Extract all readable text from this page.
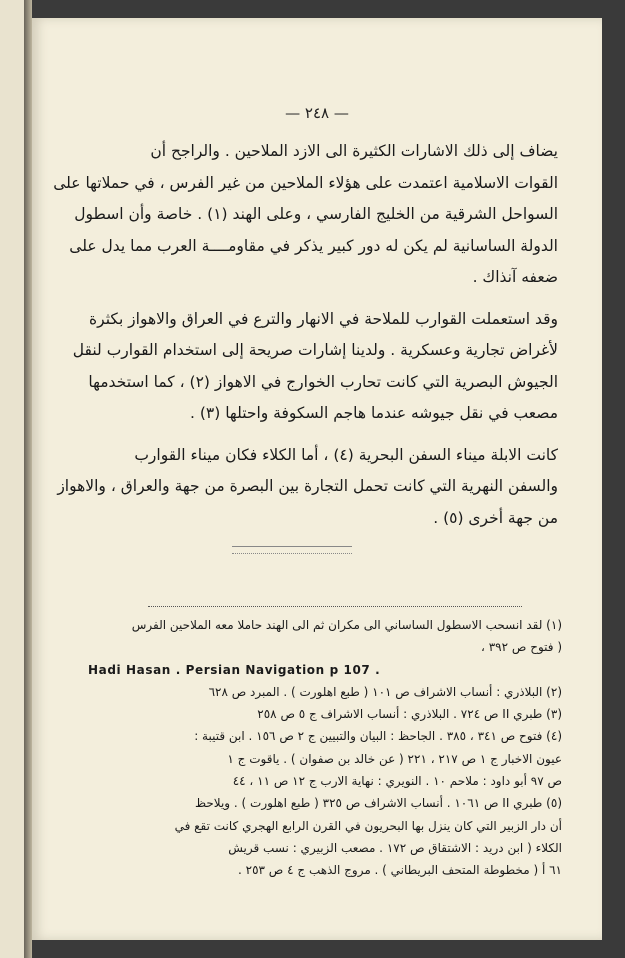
— ٢٤٨ —
يضاف إلى ذلك الاشارات الكثيرة الى الازد الملاحين . والراجح أن
القوات الاسلامية اعتمدت على هؤلاء الملاحين من غير الفرس ، في حملاتها على
السواحل الشرقية من الخليج الفارسي ، وعلى الهند (١) . خاصة وأن اسطول
الدولة الساسانية لم يكن له دور كبير يذكر في مقاومــــة العرب مما يدل على
ضعفه آنذاك .
وقد استعملت القوارب للملاحة في الانهار والترع في العراق والاهواز بكثرة
لأغراض تجارية وعسكرية . ولدينا إشارات صريحة إلى استخدام القوارب لنقل
الجيوش البصرية التي كانت تحارب الخوارج في الاهواز (٢) ، كما استخدمها
مصعب في نقل جيوشه عندما هاجم السكوفة واحتلها (٣) .
كانت الابلة ميناء السفن البحرية (٤) ، أما الكلاء فكان ميناء القوارب
والسفن النهرية التي كانت تحمل التجارة بين البصرة من جهة والعراق ، والاهواز
من جهة أخرى (٥) .
(١) لقد انسحب الاسطول الساساني الى مكران ثم الى الهند حاملا معه الملاحين الفرس
( فتوح ص ٣٩٢ ،
Hadi Hasan . Persian Navigation p 107 .
(٢) البلاذري : أنساب الاشراف ص ١٠١ ( طبع اهلورت ) . المبرد ص ٦٢٨
(٣) طبري II ص ٧٢٤ . البلاذري : أنساب الاشراف ج ٥ ص ٢٥٨
(٤) فتوح ص ٣٤١ ، ٣٨٥ . الجاحظ : البيان والتبيين ج ٢ ص ١٥٦ . ابن قتيبة :
عيون الاخبار ج ١ ص ٢١٧ ، ٢٢١ ( عن خالد بن صفوان ) . ياقوت ج ١
ص ٩٧ أبو داود : ملاحم ١٠ . النويري : نهاية الارب ج ١٢ ص ١١ ، ٤٤
(٥) طبري II ص ١٠٦١ . أنساب الاشراف ص ٣٢٥ ( طبع اهلورت ) . ويلاحظ
أن دار الزبير التي كان ينزل بها البحريون في القرن الرابع الهجري كانت تقع في
الكلاء ( ابن دريد : الاشتقاق ص ١٧٢ . مصعب الزبيري : نسب قريش
٦١ أ ( مخطوطة المتحف البريطاني ) . مروج الذهب ج ٤ ص ٢٥٣ .
